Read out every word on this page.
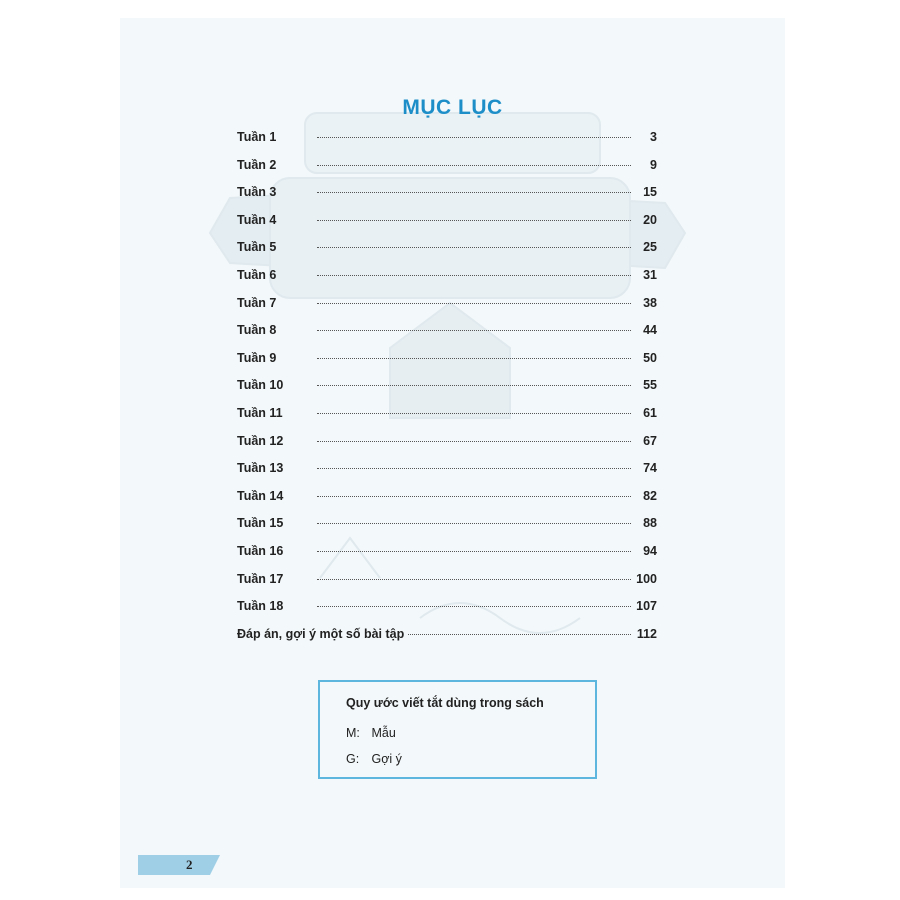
MỤC LỤC
Tuần 1	3
Tuần 2	9
Tuần 3	15
Tuần 4	20
Tuần 5	25
Tuần 6	31
Tuần 7	38
Tuần 8	44
Tuần 9	50
Tuần 10	55
Tuần 11	61
Tuần 12	67
Tuần 13	74
Tuần 14	82
Tuần 15	88
Tuần 16	94
Tuần 17	100
Tuần 18	107
Đáp án, gợi ý một số bài tập	112
Quy ước viết tắt dùng trong sách
M: Mẫu
G: Gợi ý
2
